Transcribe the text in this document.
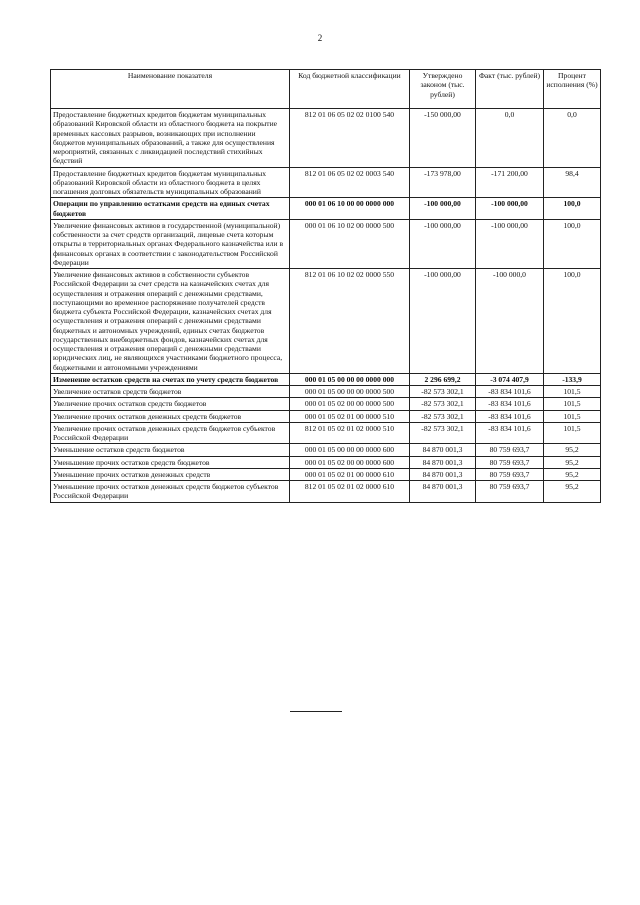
2
Наименование показателя	Код бюджетной классификации	Утверждено законом (тыс. рублей)	Факт (тыс. рублей)	Процент исполнения (%)
Предоставление бюджетных кредитов бюджетам муниципальных образований Кировской области из областного бюджета на покрытие временных кассовых разрывов, возникающих при исполнении бюджетов муниципальных образований, а также для осуществления мероприятий, связанных с ликвидацией последствий стихийных бедствий	812 01 06 05 02 02 0100 540	-150 000,00	0,0	0,0
Предоставление бюджетных кредитов бюджетам муниципальных образований Кировской области из областного бюджета в целях погашения долговых обязательств муниципальных образований	812 01 06 05 02 02 0003 540	-173 978,00	-171 200,00	98,4
Операции по управлению остатками средств на единых счетах бюджетов	000 01 06 10 00 00 0000 000	-100 000,00	-100 000,00	100,0
Увеличение финансовых активов в государственной (муниципальной) собственности за счет средств организаций, лицевые счета которым открыты в территориальных органах Федерального казначейства или в финансовых органах в соответствии с законодательством Российской Федерации	000 01 06 10 02 00 0000 500	-100 000,00	-100 000,00	100,0
Увеличение финансовых активов в собственности субъектов Российской Федерации за счет средств на казначейских счетах для осуществления и отражения операций с денежными средствами, поступающими во временное распоряжение получателей средств бюджета субъекта Российской Федерации, казначейских счетах для осуществления и отражения операций с денежными средствами бюджетных и автономных учреждений, единых счетах бюджетов государственных внебюджетных фондов, казначейских счетах для осуществления и отражения операций с денежными средствами юридических лиц, не являющихся участниками бюджетного процесса, бюджетными и автономными учреждениями	812 01 06 10 02 02 0000 550	-100 000,00	-100 000,0	100,0
Изменение остатков средств на счетах по учету средств бюджетов	000 01 05 00 00 00 0000 000	2 296 699,2	-3 074 407,9	-133,9
Увеличение остатков средств бюджетов	000 01 05 00 00 00 0000 500	-82 573 302,1	-83 834 101,6	101,5
Увеличение прочих остатков средств бюджетов	000 01 05 02 00 00 0000 500	-82 573 302,1	-83 834 101,6	101,5
Увеличение прочих остатков денежных средств бюджетов	000 01 05 02 01 00 0000 510	-82 573 302,1	-83 834 101,6	101,5
Увеличение прочих остатков денежных средств бюджетов субъектов Российской Федерации	812 01 05 02 01 02 0000 510	-82 573 302,1	-83 834 101,6	101,5
Уменьшение остатков средств бюджетов	000 01 05 00 00 00 0000 600	84 870 001,3	80 759 693,7	95,2
Уменьшение прочих остатков средств бюджетов	000 01 05 02 00 00 0000 600	84 870 001,3	80 759 693,7	95,2
Уменьшение прочих остатков денежных средств	000 01 05 02 01 00 0000 610	84 870 001,3	80 759 693,7	95,2
Уменьшение прочих остатков денежных средств бюджетов субъектов Российской Федерации	812 01 05 02 01 02 0000 610	84 870 001,3	80 759 693,7	95,2
